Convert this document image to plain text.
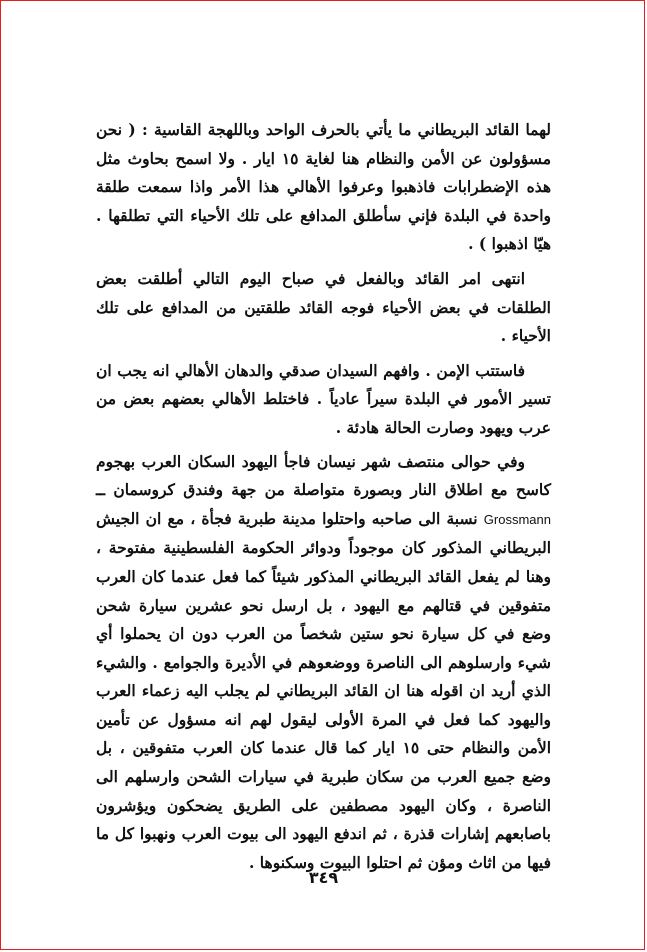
لهما القائد البريطاني ما يأتي بالحرف الواحد وباللهجة القاسية : ( نحن مسؤولون عن الأمن والنظام هنا لغاية ١٥ ايار . ولا اسمح بحاوث مثل هذه الإضطرابات فاذهبوا وعرفوا الأهالي هذا الأمر واذا سمعت طلقة واحدة في البلدة فإني سأطلق المدافع على تلك الأحياء التي تطلقها . هيّا اذهبوا ) .

انتهى امر القائد وبالفعل في صباح اليوم التالي أطلقت بعض الطلقات في بعض الأحياء فوجه القائد طلقتين من المدافع على تلك الأحياء .

فاستتب الإمن . وافهم السيدان صدقي والدهان الأهالي انه يجب ان تسير الأمور في البلدة سيراً عادياً . فاختلط الأهالي بعضهم بعض من عرب ويهود وصارت الحالة هادئة .

وفي حوالى منتصف شهر نيسان فاجأ اليهود السكان العرب بهجوم كاسح مع اطلاق النار وبصورة متواصلة من جهة وفندق كروسمان ــ Grossmann نسبة الى صاحبه واحتلوا مدينة طبرية فجأة ، مع ان الجيش البريطاني المذكور كان موجوداً ودوائر الحكومة الفلسطينية مفتوحة ، وهنا لم يفعل القائد البريطاني المذكور شيئاً كما فعل عندما كان العرب متفوقين في قتالهم مع اليهود ، بل ارسل نحو عشرين سيارة شحن وضع في كل سيارة نحو ستين شخصاً من العرب دون ان يحملوا أي شيء وارسلوهم الى الناصرة ووضعوهم في الأديرة والجوامع . والشيء الذي أريد ان اقوله هنا ان القائد البريطاني لم يجلب اليه زعماء العرب واليهود كما فعل في المرة الأولى ليقول لهم انه مسؤول عن تأمين الأمن والنظام حتى ١٥ ايار كما قال عندما كان العرب متفوقين ، بل وضع جميع العرب من سكان طبرية في سيارات الشحن وارسلهم الى الناصرة ، وكان اليهود مصطفين على الطريق يضحكون ويؤشرون باصابعهم إشارات قذرة ، ثم اندفع اليهود الى بيوت العرب ونهبوا كل ما فيها من اثاث ومؤن ثم احتلوا البيوت وسكنوها .

٣٤٩
